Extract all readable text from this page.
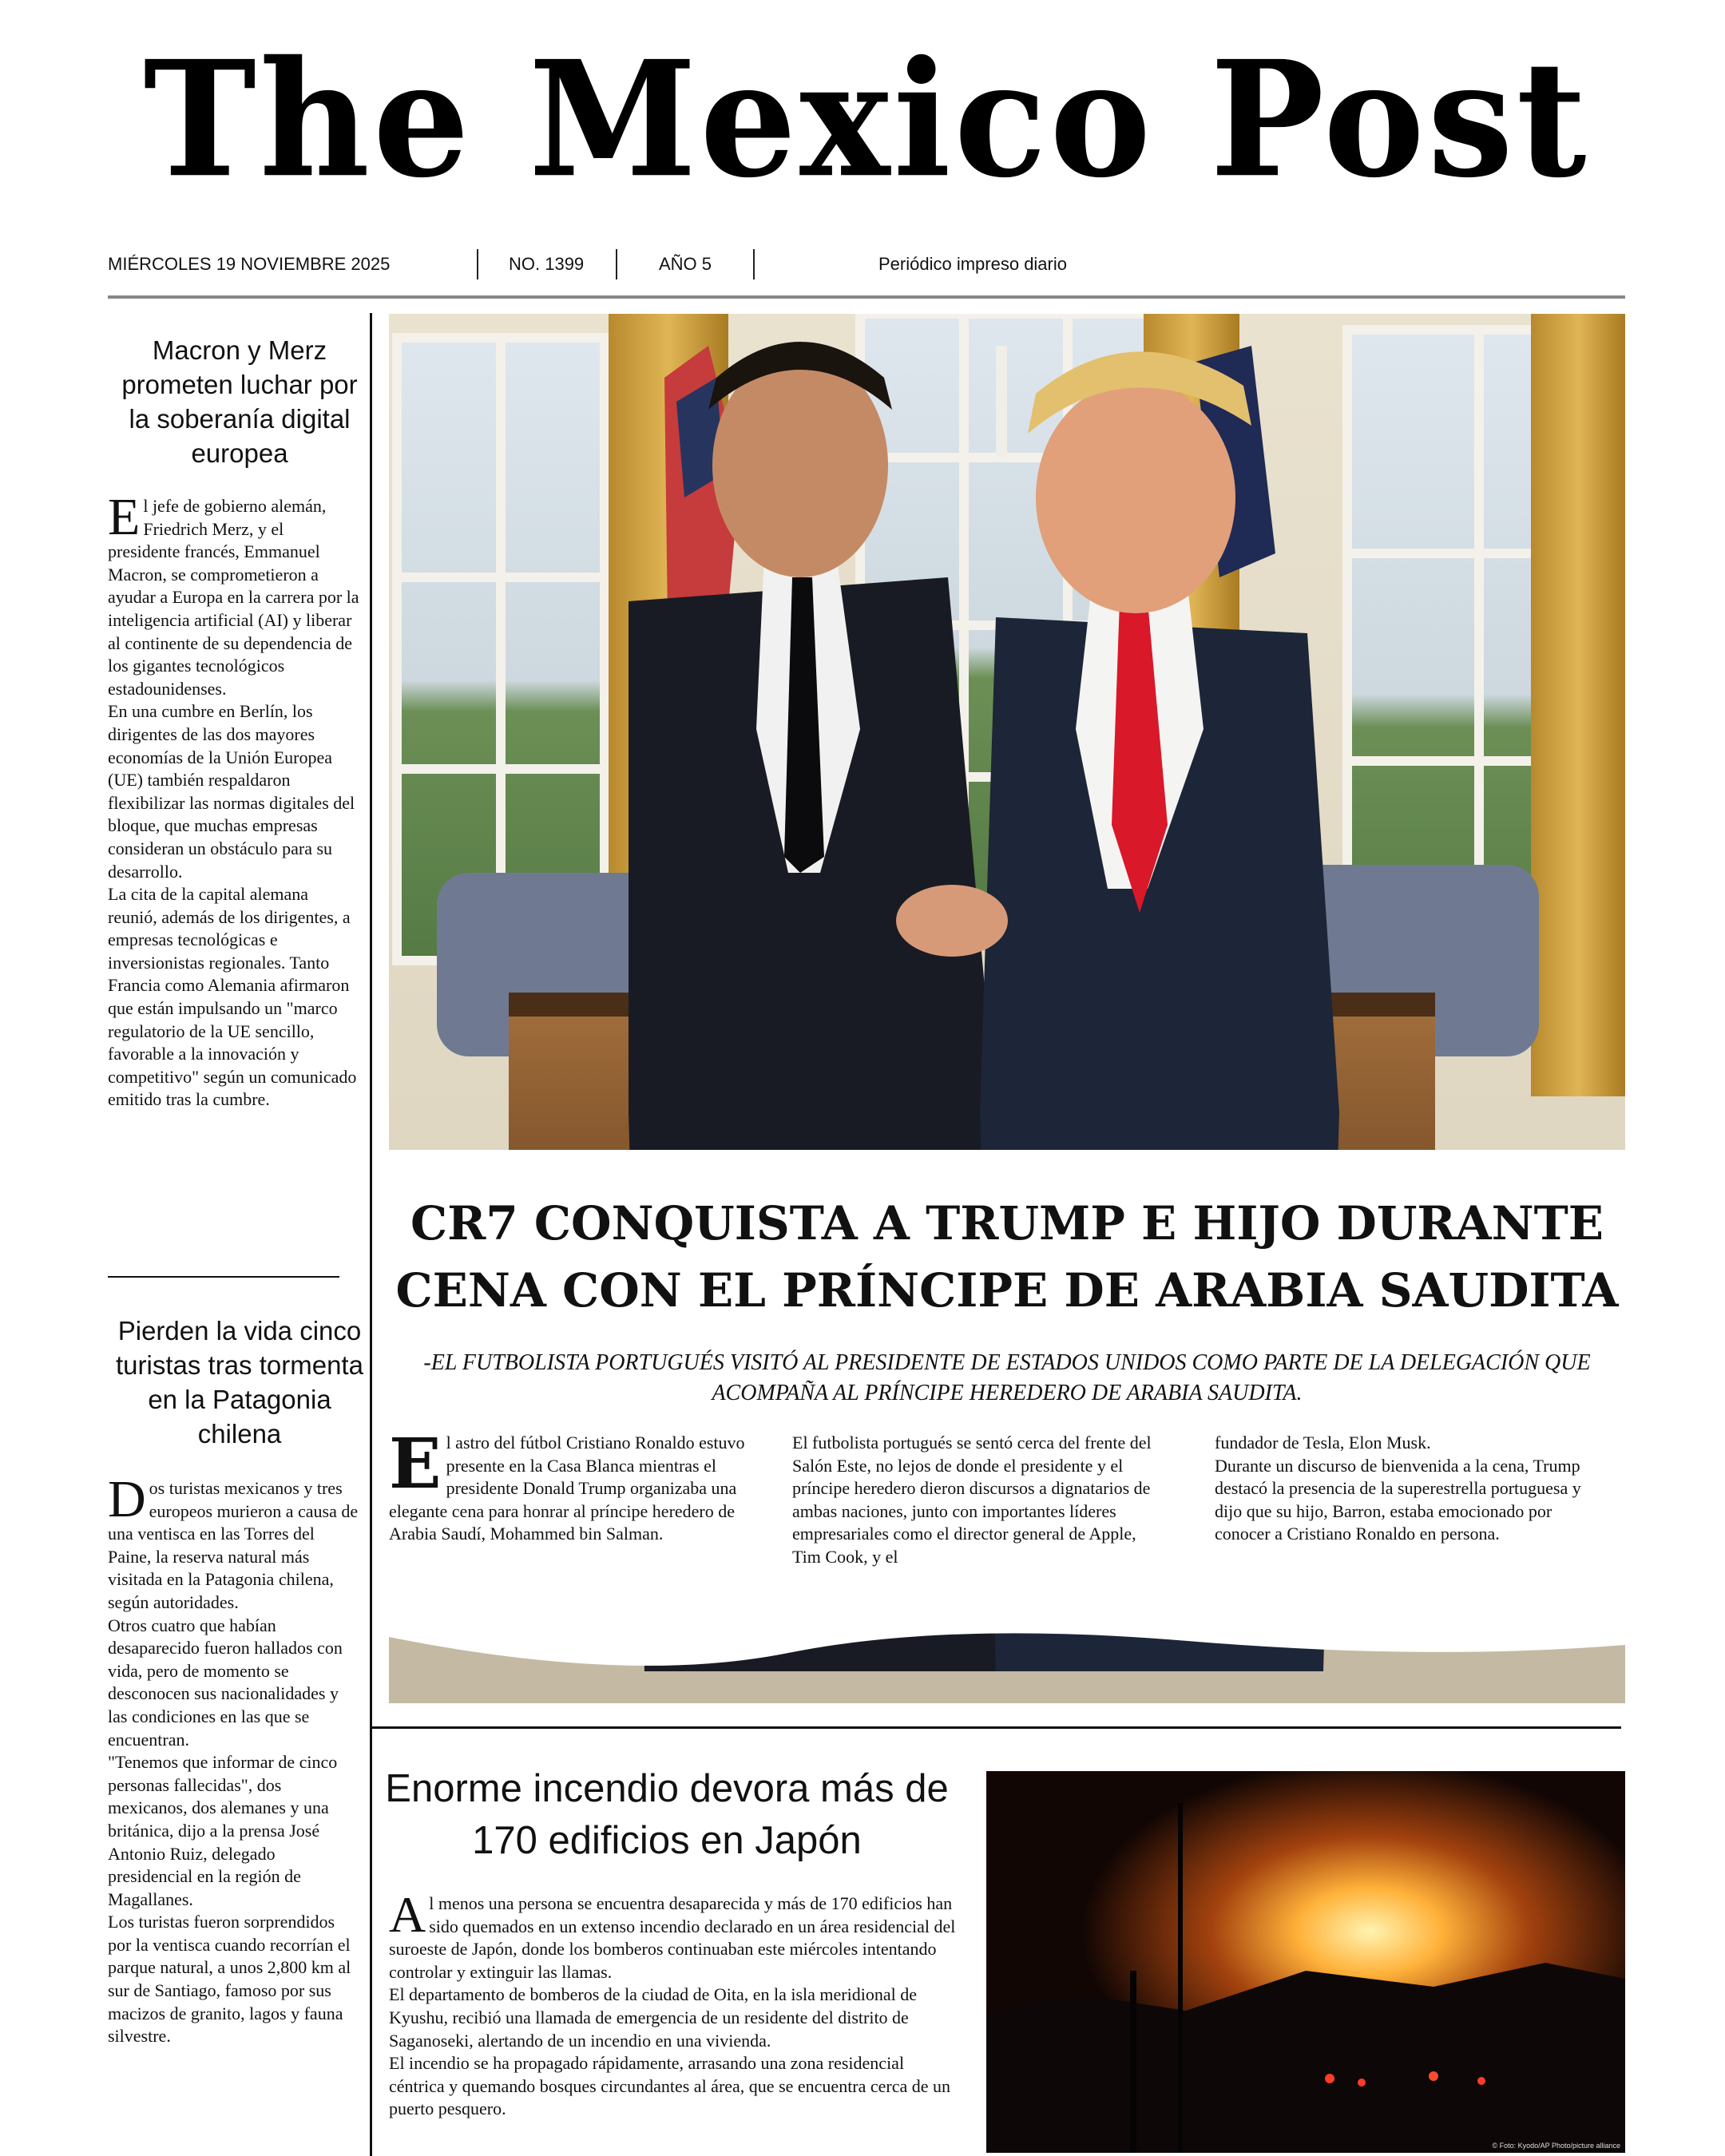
The Mexico Post
MIÉRCOLES 19 NOVIEMBRE 2025	NO. 1399	AÑO 5	Periódico impreso diario
Macron y Merz prometen luchar por la soberanía digital europea
El jefe de gobierno alemán, Friedrich Merz, y el presidente francés, Emmanuel Macron, se comprometieron a ayudar a Europa en la carrera por la inteligencia artificial (AI) y liberar al continente de su dependencia de los gigantes tecnológicos estadounidenses.
En una cumbre en Berlín, los dirigentes de las dos mayores economías de la Unión Europea (UE) también respaldaron flexibilizar las normas digitales del bloque, que muchas empresas consideran un obstáculo para su desarrollo.
La cita de la capital alemana reunió, además de los dirigentes, a empresas tecnológicas e inversionistas regionales. Tanto Francia como Alemania afirmaron que están impulsando un "marco regulatorio de la UE sencillo, favorable a la innovación y competitivo" según un comunicado emitido tras la cumbre.
Pierden la vida cinco turistas tras tormenta en la Patagonia chilena
Dos turistas mexicanos y tres europeos murieron a causa de una ventisca en las Torres del Paine, la reserva natural más visitada en la Patagonia chilena, según autoridades.
Otros cuatro que habían desaparecido fueron hallados con vida, pero de momento se desconocen sus nacionalidades y las condiciones en las que se encuentran.
"Tenemos que informar de cinco personas fallecidas", dos mexicanos, dos alemanes y una británica, dijo a la prensa José Antonio Ruiz, delegado presidencial en la región de Magallanes.
Los turistas fueron sorprendidos por la ventisca cuando recorrían el parque natural, a unos 2,800 km al sur de Santiago, famoso por sus macizos de granito, lagos y fauna silvestre.
CR7 CONQUISTA A TRUMP E HIJO DURANTE CENA CON EL PRÍNCIPE DE ARABIA SAUDITA
-EL FUTBOLISTA PORTUGUÉS VISITÓ AL PRESIDENTE DE ESTADOS UNIDOS COMO PARTE DE LA DELEGACIÓN QUE ACOMPAÑA AL PRÍNCIPE HEREDERO DE ARABIA SAUDITA.
El astro del fútbol Cristiano Ronaldo estuvo presente en la Casa Blanca mientras el presidente Donald Trump organizaba una elegante cena para honrar al príncipe heredero de Arabia Saudí, Mohammed bin Salman.
El futbolista portugués se sentó cerca del frente del Salón Este, no lejos de donde el presidente y el príncipe heredero dieron discursos a dignatarios de ambas naciones, junto con importantes líderes empresariales como el director general de Apple, Tim Cook, y el
fundador de Tesla, Elon Musk.
Durante un discurso de bienvenida a la cena, Trump destacó la presencia de la superestrella portuguesa y dijo que su hijo, Barron, estaba emocionado por conocer a Cristiano Ronaldo en persona.
Enorme incendio devora más de 170 edificios en Japón
Al menos una persona se encuentra desaparecida y más de 170 edificios han sido quemados en un extenso incendio declarado en un área residencial del suroeste de Japón, donde los bomberos continuaban este miércoles intentando controlar y extinguir las llamas.
El departamento de bomberos de la ciudad de Oita, en la isla meridional de Kyushu, recibió una llamada de emergencia de un residente del distrito de Saganoseki, alertando de un incendio en una vivienda.
El incendio se ha propagado rápidamente, arrasando una zona residencial céntrica y quemando bosques circundantes al área, que se encuentra cerca de un puerto pesquero.
© Foto: Kyodo/AP Photo/picture alliance
